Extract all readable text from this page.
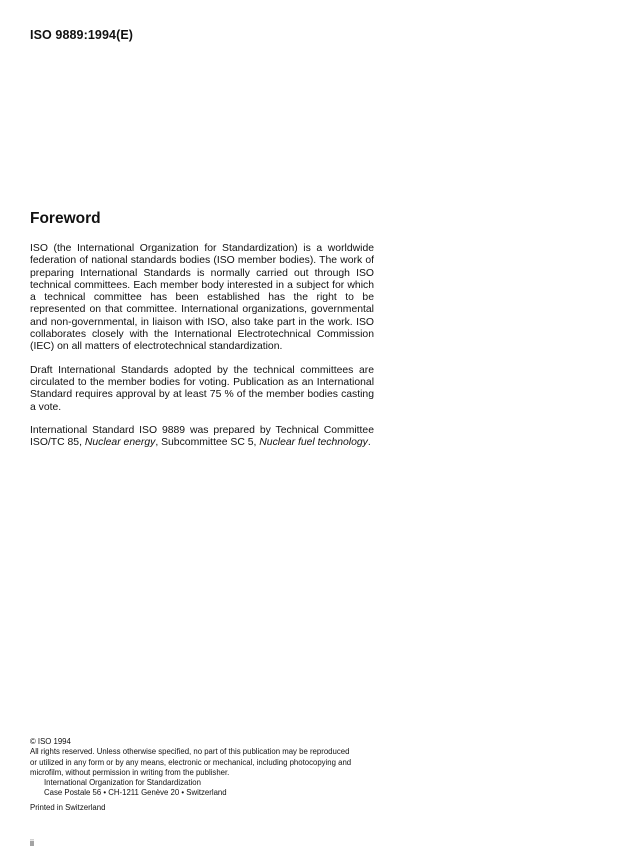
ISO 9889:1994(E)
Foreword

ISO (the International Organization for Standardization) is a worldwide federation of national standards bodies (ISO member bodies). The work of preparing International Standards is normally carried out through ISO technical committees. Each member body interested in a subject for which a technical committee has been established has the right to be represented on that committee. International organizations, governmental and non-governmental, in liaison with ISO, also take part in the work. ISO collaborates closely with the International Electrotechnical Commission (IEC) on all matters of electrotechnical standardization.

Draft International Standards adopted by the technical committees are circulated to the member bodies for voting. Publication as an International Standard requires approval by at least 75 % of the member bodies casting a vote.

International Standard ISO 9889 was prepared by Technical Committee ISO/TC 85, Nuclear energy, Subcommittee SC 5, Nuclear fuel technology.

© ISO 1994
All rights reserved. Unless otherwise specified, no part of this publication may be reproduced
or utilized in any form or by any means, electronic or mechanical, including photocopying and
microfilm, without permission in writing from the publisher.
International Organization for Standardization
Case Postale 56 • CH-1211 Genève 20 • Switzerland
Printed in Switzerland
ii
